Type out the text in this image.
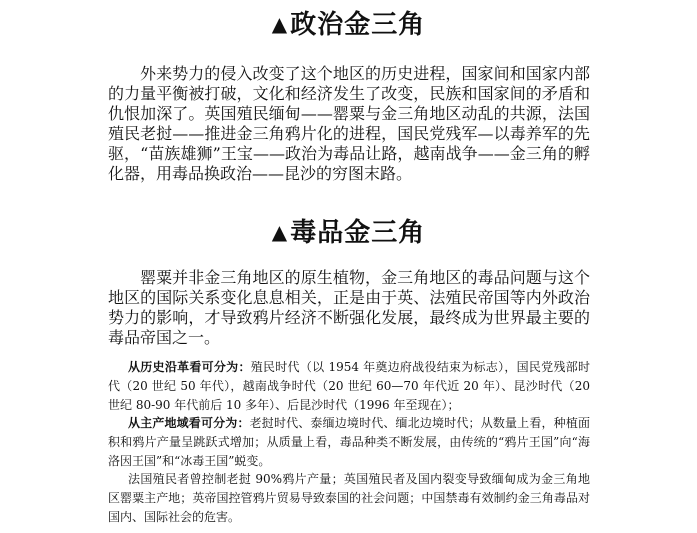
▲政治金三角

外来势力的侵入改变了这个地区的历史进程，国家间和国家内部的力量平衡被打破，文化和经济发生了改变，民族和国家间的矛盾和仇恨加深了。英国殖民缅甸——罂粟与金三角地区动乱的共源，法国殖民老挝——推进金三角鸦片化的进程，国民党残军—以毒养军的先驱，“苗族雄狮”王宝——政治为毒品让路，越南战争——金三角的孵化器，用毒品换政治——昆沙的穷图末路。

▲毒品金三角

罂粟并非金三角地区的原生植物，金三角地区的毒品问题与这个地区的国际关系变化息息相关，正是由于英、法殖民帝国等内外政治势力的影响，才导致鸦片经济不断强化发展，最终成为世界最主要的毒品帝国之一。

从历史沿革看可分为：殖民时代（以 1954 年奠边府战役结束为标志），国民党残部时代（20 世纪 50 年代），越南战争时代（20 世纪 60—70 年代近 20 年）、昆沙时代（20 世纪 80-90 年代前后 10 多年）、后昆沙时代（1996 年至现在）；

从主产地域看可分为：老挝时代、泰缅边境时代、缅北边境时代；从数量上看，种植面积和鸦片产量呈跳跃式增加；从质量上看，毒品种类不断发展，由传统的“鸦片王国”向“海洛因王国”和“冰毒王国”蜕变。

法国殖民者曾控制老挝 90%鸦片产量；英国殖民者及国内裂变导致缅甸成为金三角地区罂粟主产地；英帝国控管鸦片贸易导致泰国的社会问题；中国禁毒有效制约金三角毒品对国内、国际社会的危害。
